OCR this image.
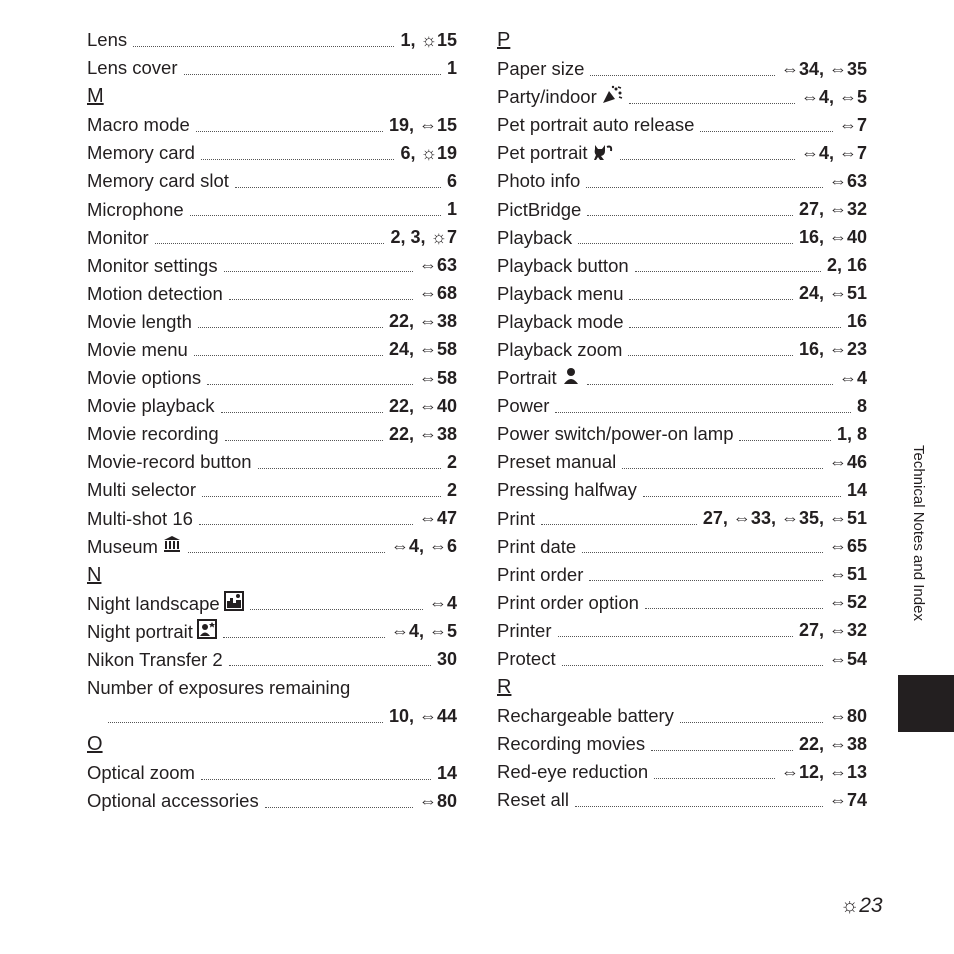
Lens	1, ☼15
Lens cover	1
M
Macro mode	19, ⇔15
Memory card	6, ☼19
Memory card slot	6
Microphone	1
Monitor	2, 3, ☼7
Monitor settings	⇔63
Motion detection	⇔68
Movie length	22, ⇔38
Movie menu	24, ⇔58
Movie options	⇔58
Movie playback	22, ⇔40
Movie recording	22, ⇔38
Movie-record button	2
Multi selector	2
Multi-shot 16	⇔47
Museum	⇔4, ⇔6
N
Night landscape	⇔4
Night portrait	⇔4, ⇔5
Nikon Transfer 2	30
Number of exposures remaining
10, ⇔44
O
Optical zoom	14
Optional accessories	⇔80
P
Paper size	⇔34, ⇔35
Party/indoor	⇔4, ⇔5
Pet portrait auto release	⇔7
Pet portrait	⇔4, ⇔7
Photo info	⇔63
PictBridge	27, ⇔32
Playback	16, ⇔40
Playback button	2, 16
Playback menu	24, ⇔51
Playback mode	16
Playback zoom	16, ⇔23
Portrait	⇔4
Power	8
Power switch/power-on lamp	1, 8
Preset manual	⇔46
Pressing halfway	14
Print	27, ⇔33, ⇔35, ⇔51
Print date	⇔65
Print order	⇔51
Print order option	⇔52
Printer	27, ⇔32
Protect	⇔54
R
Rechargeable battery	⇔80
Recording movies	22, ⇔38
Red-eye reduction	⇔12, ⇔13
Reset all	⇔74
Technical Notes and Index
☼23
